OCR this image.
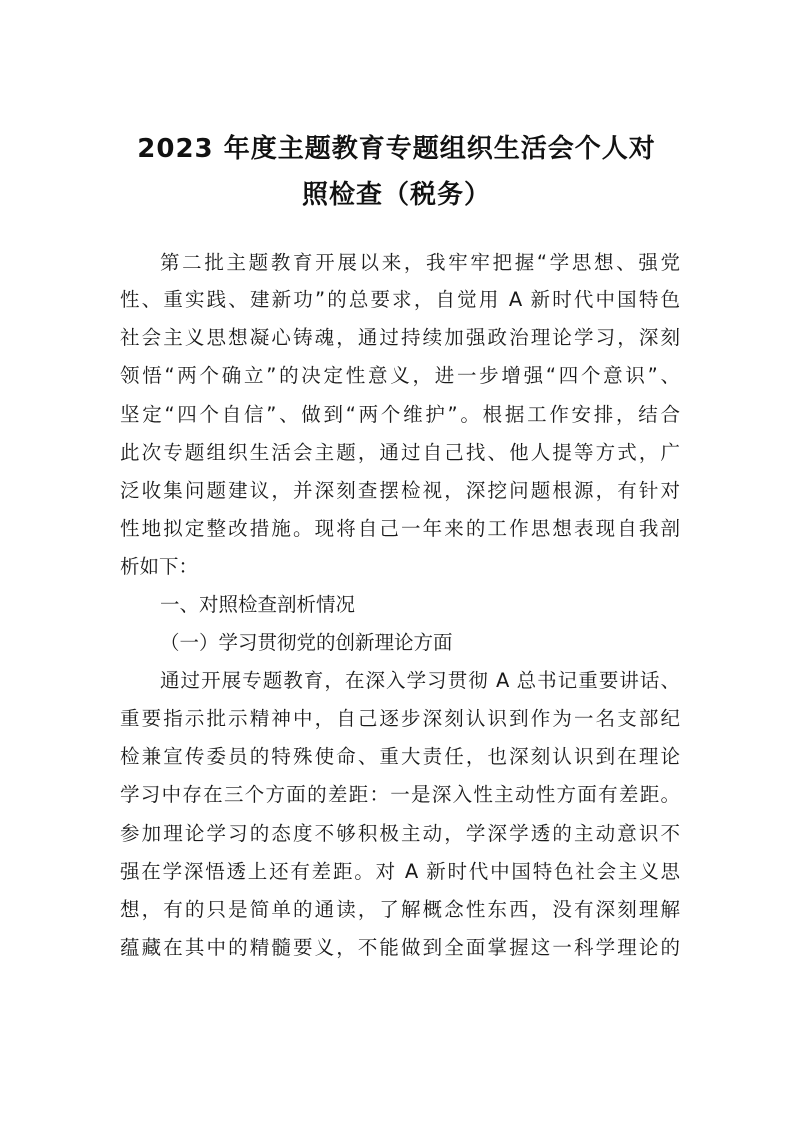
2023 年度主题教育专题组织生活会个人对
照检查（税务）
第二批主题教育开展以来，我牢牢把握“学思想、强党
性、重实践、建新功”的总要求，自觉用 A 新时代中国特色
社会主义思想凝心铸魂，通过持续加强政治理论学习，深刻
领悟“两个确立”的决定性意义，进一步增强“四个意识”、
坚定“四个自信”、做到“两个维护”。根据工作安排，结合
此次专题组织生活会主题，通过自己找、他人提等方式，广
泛收集问题建议，并深刻查摆检视，深挖问题根源，有针对
性地拟定整改措施。现将自己一年来的工作思想表现自我剖
析如下：
一、对照检查剖析情况
（一）学习贯彻党的创新理论方面
通过开展专题教育，在深入学习贯彻 A 总书记重要讲话、
重要指示批示精神中，自己逐步深刻认识到作为一名支部纪
检兼宣传委员的特殊使命、重大责任，也深刻认识到在理论
学习中存在三个方面的差距：一是深入性主动性方面有差距。
参加理论学习的态度不够积极主动，学深学透的主动意识不
强在学深悟透上还有差距。对 A 新时代中国特色社会主义思
想，有的只是简单的通读，了解概念性东西，没有深刻理解
蕴藏在其中的精髓要义，不能做到全面掌握这一科学理论的
